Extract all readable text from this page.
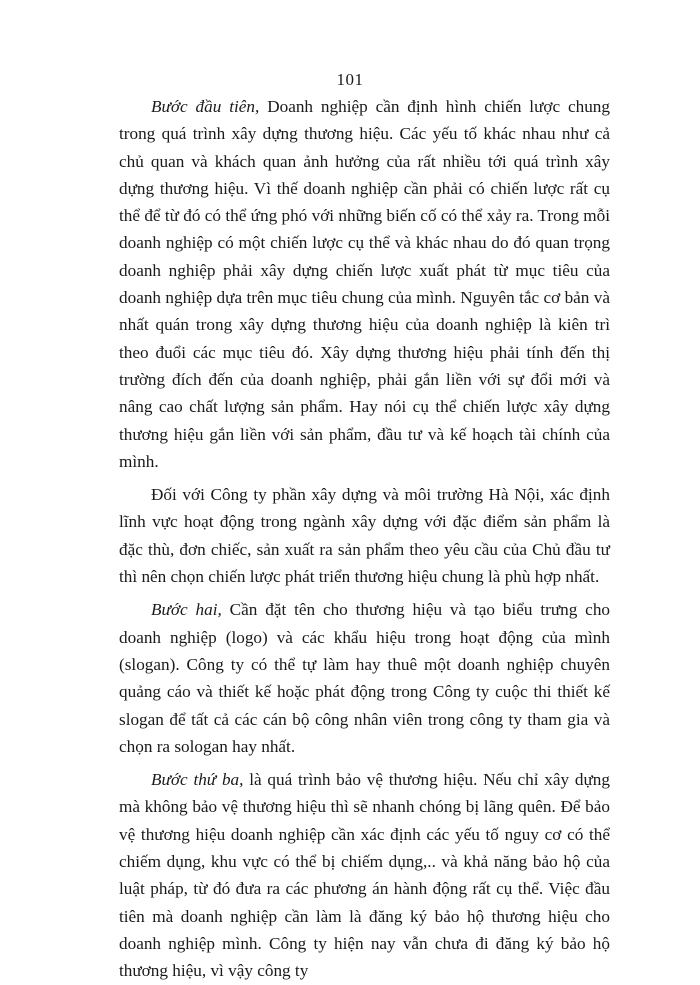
101

Bước đầu tiên, Doanh nghiệp cần định hình chiến lược chung trong quá trình xây dựng thương hiệu. Các yếu tố khác nhau như cả chủ quan và khách quan ảnh hưởng của rất nhiều tới quá trình xây dựng thương hiệu. Vì thế doanh nghiệp cần phải có chiến lược rất cụ thể để từ đó có thể ứng phó với những biến cố có thể xảy ra. Trong mỗi doanh nghiệp có một chiến lược cụ thể và khác nhau do đó quan trọng doanh nghiệp phải xây dựng chiến lược xuất phát từ mục tiêu của doanh nghiệp dựa trên mục tiêu chung của mình. Nguyên tắc cơ bản và nhất quán trong xây dựng thương hiệu của doanh nghiệp là kiên trì theo đuổi các mục tiêu đó. Xây dựng thương hiệu phải tính đến thị trường đích đến của doanh nghiệp, phải gắn liền với sự đổi mới và nâng cao chất lượng sản phẩm. Hay nói cụ thể chiến lược xây dựng thương hiệu gắn liền với sản phẩm, đầu tư và kế hoạch tài chính của mình.

Đối với Công ty phần xây dựng và môi trường Hà Nội, xác định lĩnh vực hoạt động trong ngành xây dựng với đặc điểm sản phẩm là đặc thù, đơn chiếc, sản xuất ra sản phẩm theo yêu cầu của Chủ đầu tư thì nên chọn chiến lược phát triển thương hiệu chung là phù hợp nhất.

Bước hai, Cần đặt tên cho thương hiệu và tạo biểu trưng cho doanh nghiệp (logo) và các khẩu hiệu trong hoạt động của mình (slogan). Công ty có thể tự làm hay thuê một doanh nghiệp chuyên quảng cáo và thiết kế hoặc phát động trong Công ty cuộc thi thiết kế slogan để tất cả các cán bộ công nhân viên trong công ty tham gia và chọn ra sologan hay nhất.

Bước thứ ba, là quá trình bảo vệ thương hiệu. Nếu chỉ xây dựng mà không bảo vệ thương hiệu thì sẽ nhanh chóng bị lãng quên. Để bảo vệ thương hiệu doanh nghiệp cần xác định các yếu tố nguy cơ có thể chiếm dụng, khu vực có thể bị chiếm dụng,.. và khả năng bảo hộ của luật pháp, từ đó đưa ra các phương án hành động rất cụ thể. Việc đầu tiên mà doanh nghiệp cần làm là đăng ký bảo hộ thương hiệu cho doanh nghiệp mình. Công ty hiện nay vẫn chưa đi đăng ký bảo hộ thương hiệu, vì vậy công ty
